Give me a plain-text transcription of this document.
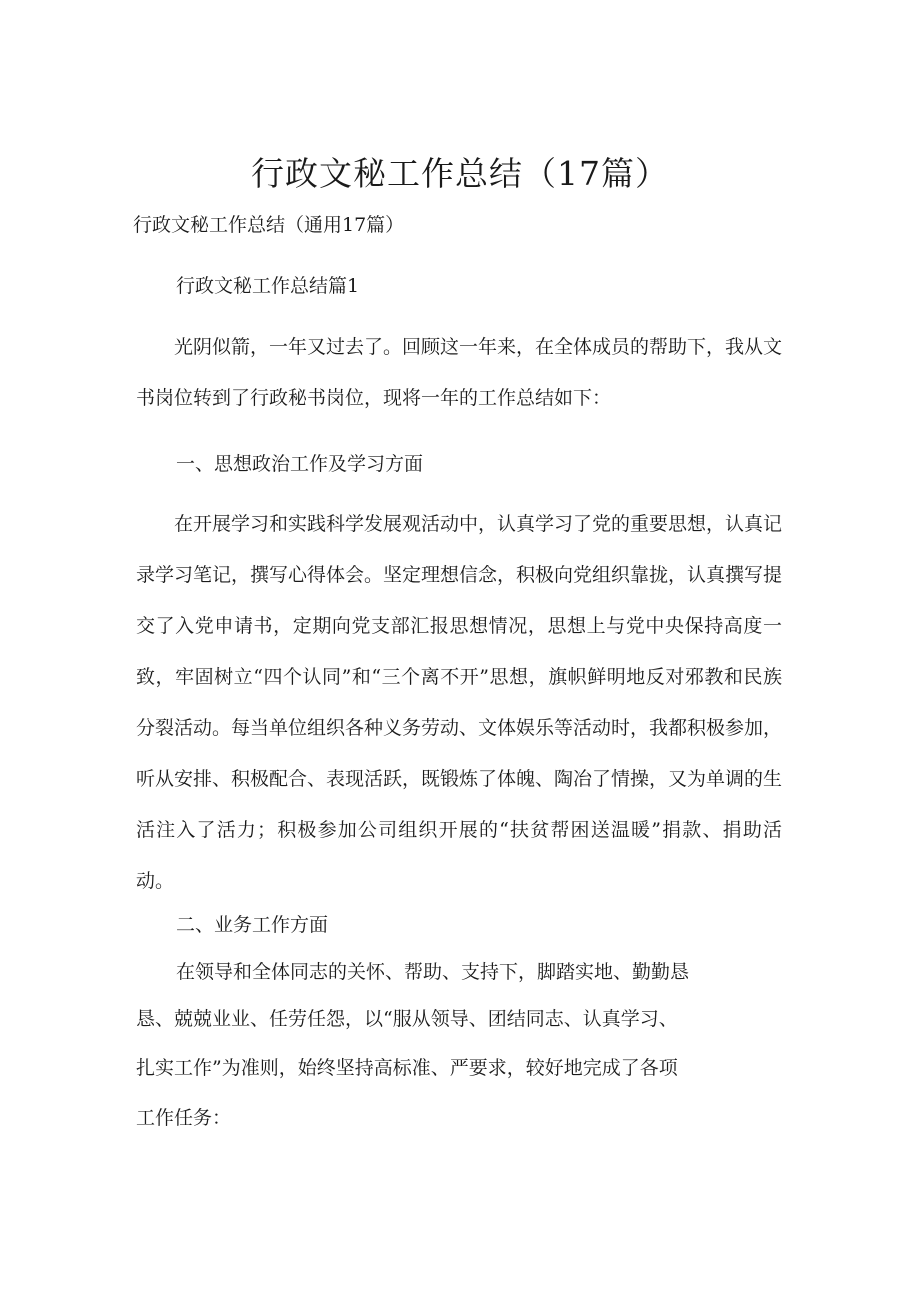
行政文秘工作总结（17篇）
行政文秘工作总结（通用17篇）
行政文秘工作总结篇1
光阴似箭，一年又过去了。回顾这一年来，在全体成员的帮助下，我从文书岗位转到了行政秘书岗位，现将一年的工作总结如下：
一、思想政治工作及学习方面
在开展学习和实践科学发展观活动中，认真学习了党的重要思想，认真记录学习笔记，撰写心得体会。坚定理想信念，积极向党组织靠拢，认真撰写提交了入党申请书，定期向党支部汇报思想情况，思想上与党中央保持高度一致，牢固树立“四个认同”和“三个离不开”思想，旗帜鲜明地反对邪教和民族分裂活动。每当单位组织各种义务劳动、文体娱乐等活动时，我都积极参加，听从安排、积极配合、表现活跃，既锻炼了体魄、陶冶了情操，又为单调的生活注入了活力；积极参加公司组织开展的“扶贫帮困送温暖”捐款、捐助活动。
二、业务工作方面
在领导和全体同志的关怀、帮助、支持下，脚踏实地、勤勤恳
恳、兢兢业业、任劳任怨，以“服从领导、团结同志、认真学习、
扎实工作”为准则，始终坚持高标准、严要求，较好地完成了各项
工作任务：
